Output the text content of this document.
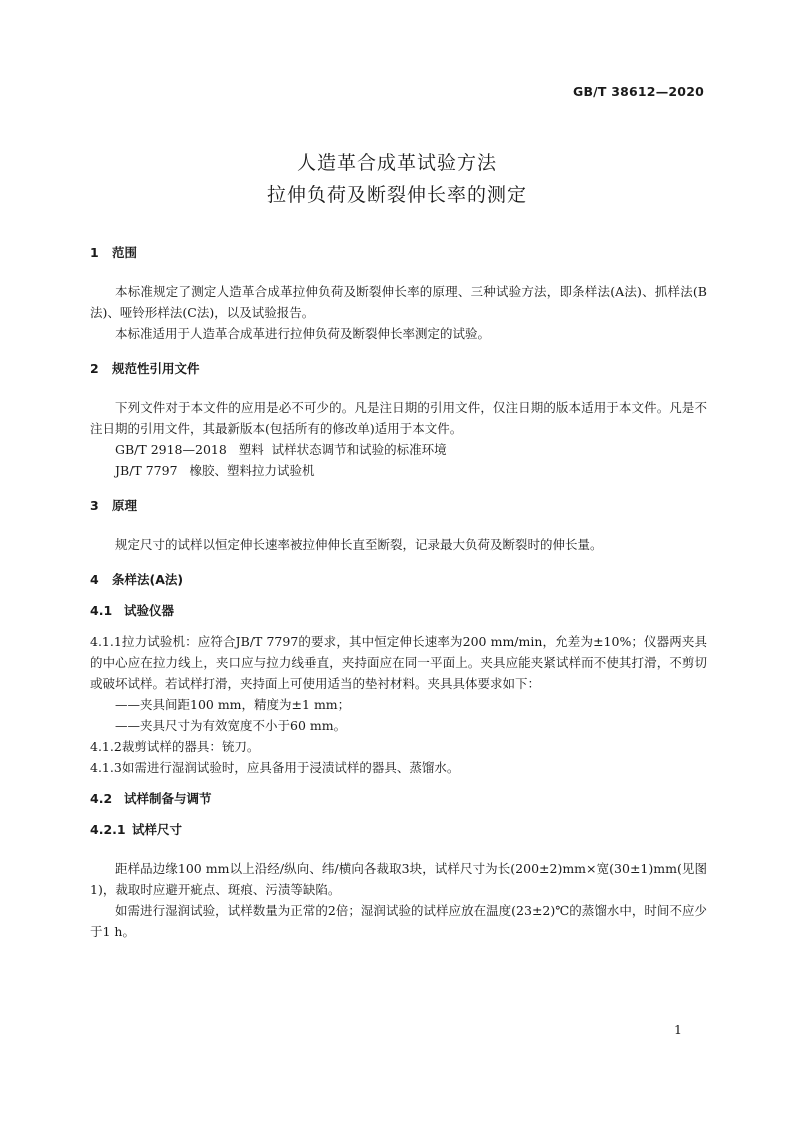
GB/T 38612—2020
人造革合成革试验方法
拉伸负荷及断裂伸长率的测定
1 范围
本标准规定了测定人造革合成革拉伸负荷及断裂伸长率的原理、三种试验方法，即条样法(A法)、抓样法(B法)、哑铃形样法(C法)，以及试验报告。
本标准适用于人造革合成革进行拉伸负荷及断裂伸长率测定的试验。
2 规范性引用文件
下列文件对于本文件的应用是必不可少的。凡是注日期的引用文件，仅注日期的版本适用于本文件。凡是不注日期的引用文件，其最新版本(包括所有的修改单)适用于本文件。
GB/T 2918—2018   塑料  试样状态调节和试验的标准环境
JB/T 7797   橡胶、塑料拉力试验机
3 原理
规定尺寸的试样以恒定伸长速率被拉伸伸长直至断裂，记录最大负荷及断裂时的伸长量。
4 条样法(A法)
4.1 试验仪器
4.1.1拉力试验机：应符合JB/T 7797的要求，其中恒定伸长速率为200 mm/min，允差为±10%；仪器两夹具的中心应在拉力线上，夹口应与拉力线垂直，夹持面应在同一平面上。夹具应能夹紧试样而不使其打滑，不剪切或破坏试样。若试样打滑，夹持面上可使用适当的垫衬材料。夹具具体要求如下：
——夹具间距100 mm，精度为±1 mm；
——夹具尺寸为有效宽度不小于60 mm。
4.1.2裁剪试样的器具：铳刀。
4.1.3如需进行湿润试验时，应具备用于浸渍试样的器具、蒸馏水。
4.2 试样制备与调节
4.2.1 试样尺寸
距样品边缘100 mm以上沿经/纵向、纬/横向各裁取3块，试样尺寸为长(200±2)mm×宽(30±1)mm(见图1)，裁取时应避开疵点、斑痕、污渍等缺陷。
如需进行湿润试验，试样数量为正常的2倍；湿润试验的试样应放在温度(23±2)℃的蒸馏水中，时间不应少于1 h。
1
